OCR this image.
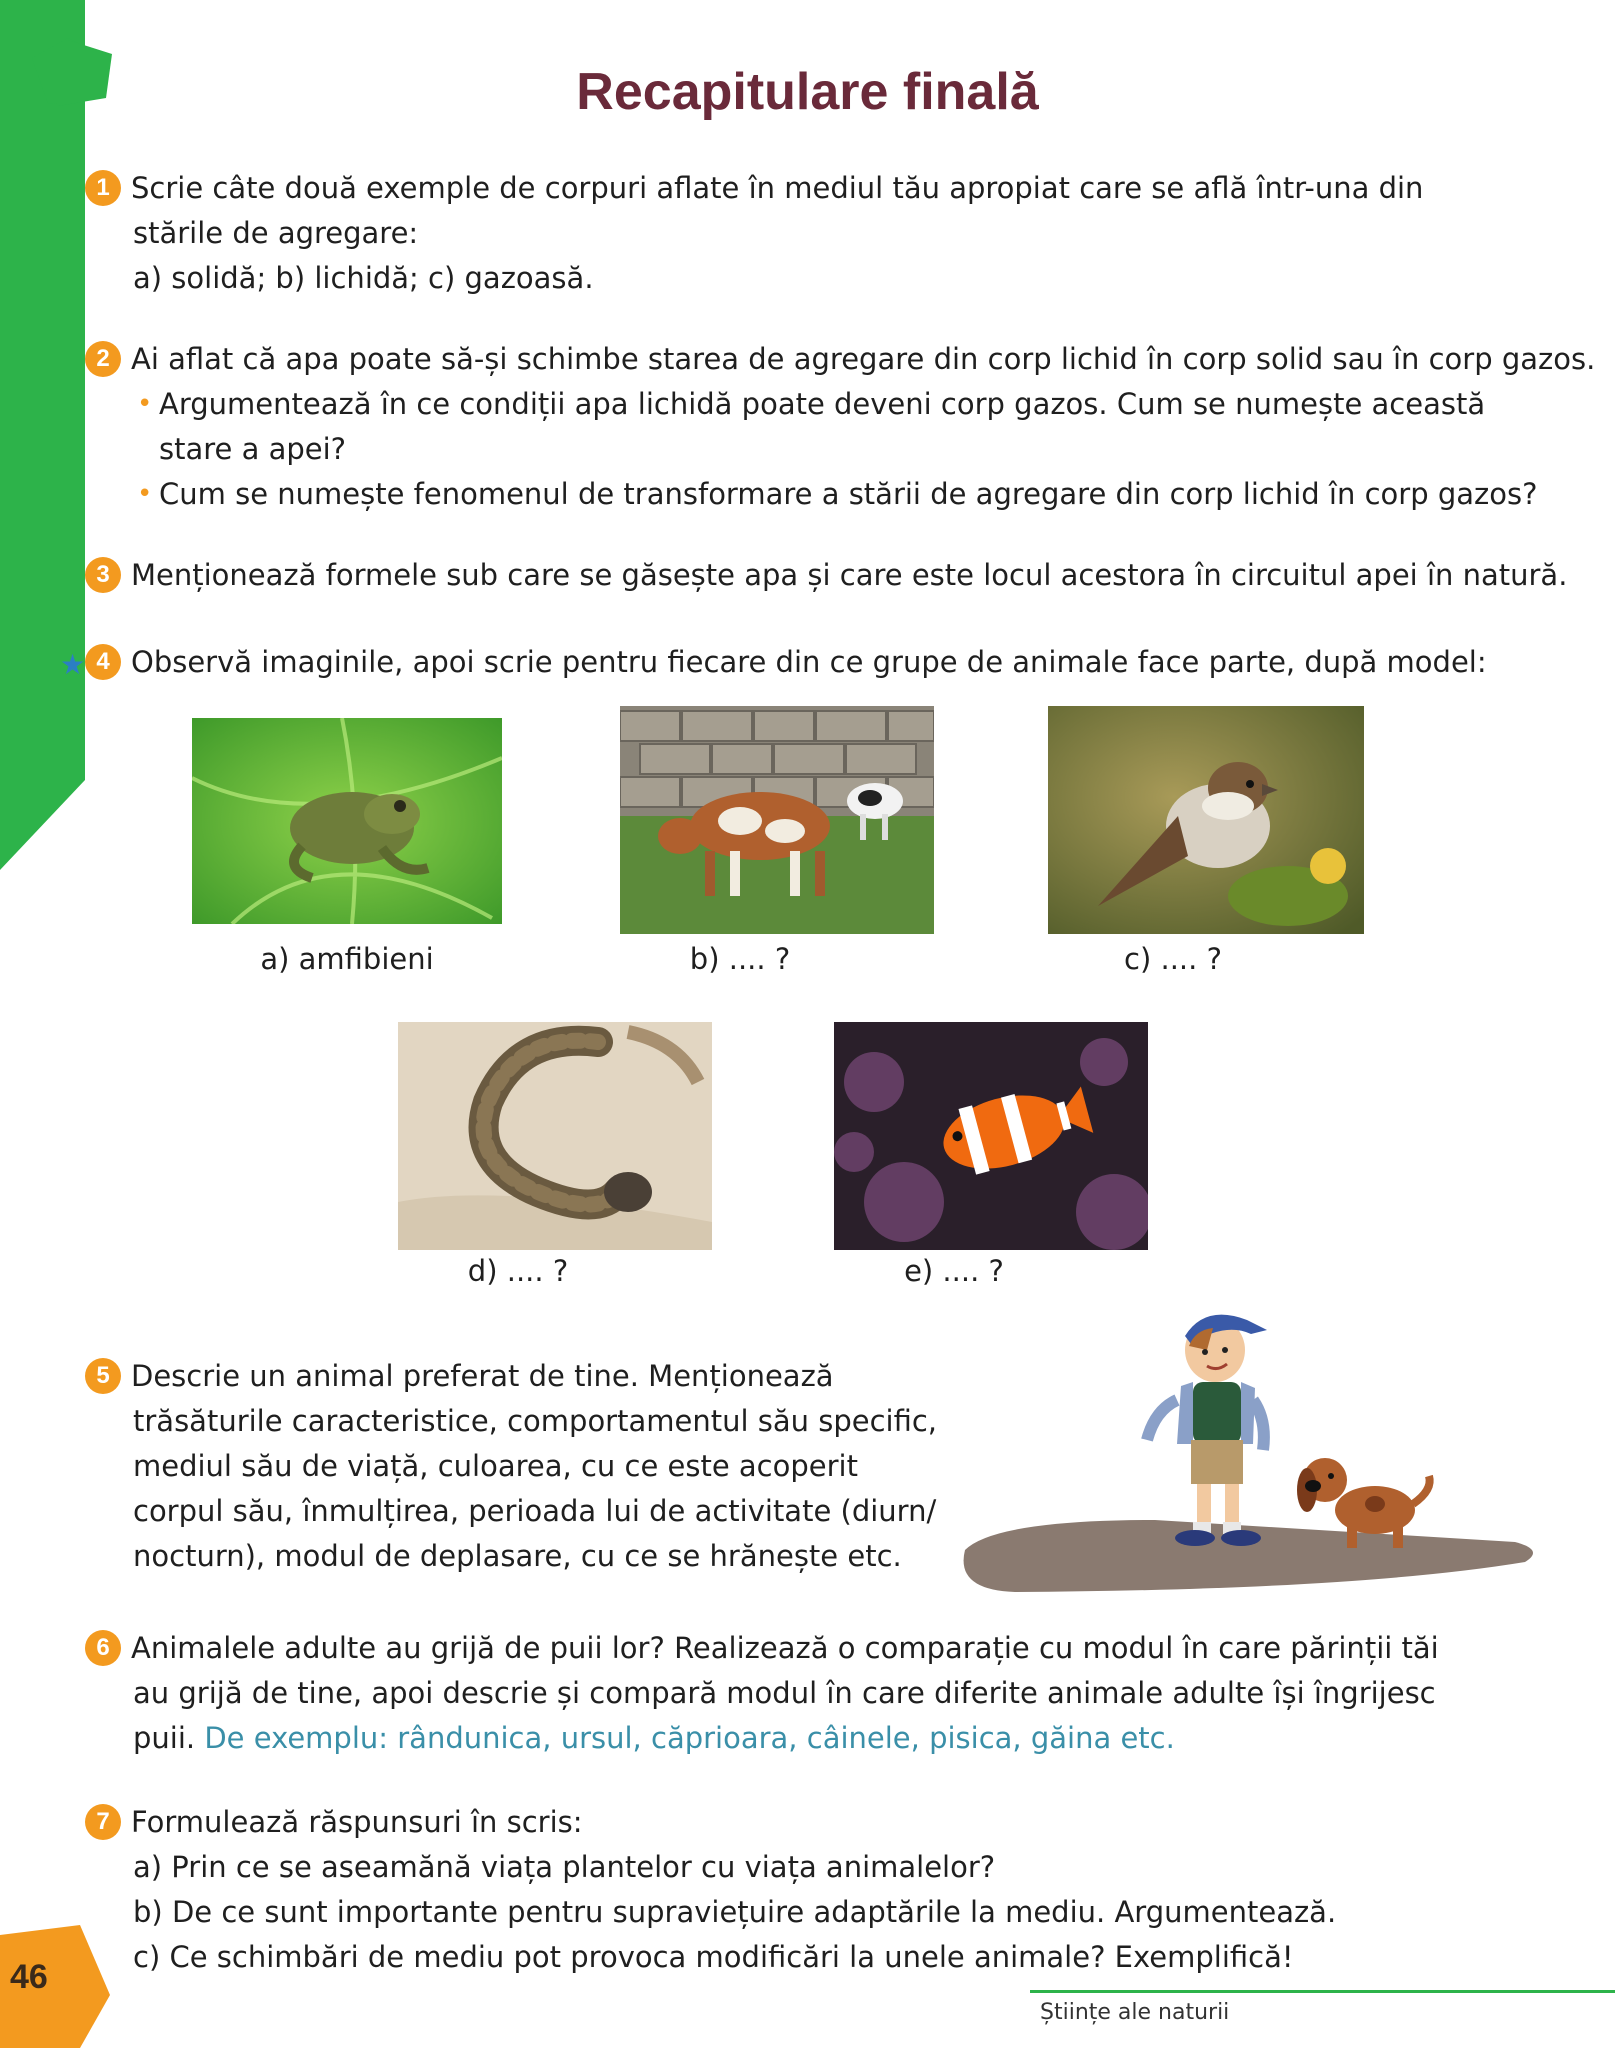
Recapitulare finală
1 Scrie câte două exemple de corpuri aflate în mediul tău apropiat care se află într-una din
stările de agregare:
a) solidă; b) lichidă; c) gazoasă.
2 Ai aflat că apa poate să-și schimbe starea de agregare din corp lichid în corp solid sau în corp gazos.
• Argumentează în ce condiții apa lichidă poate deveni corp gazos. Cum se numește această
stare a apei?
• Cum se numește fenomenul de transformare a stării de agregare din corp lichid în corp gazos?
3 Menționează formele sub care se găsește apa și care este locul acestora în circuitul apei în natură.
★ 4 Observă imaginile, apoi scrie pentru fiecare din ce grupe de animale face parte, după model:
a) amfibieni	b) .... ?	c) .... ?
d) .... ?	e) .... ?
5 Descrie un animal preferat de tine. Menționează
trăsăturile caracteristice, comportamentul său specific,
mediul său de viață, culoarea, cu ce este acoperit
corpul său, înmulțirea, perioada lui de activitate (diurn/
nocturn), modul de deplasare, cu ce se hrănește etc.
6 Animalele adulte au grijă de puii lor? Realizează o comparație cu modul în care părinții tăi
au grijă de tine, apoi descrie și compară modul în care diferite animale adulte își îngrijesc
puii. De exemplu: rândunica, ursul, căprioara, câinele, pisica, găina etc.
7 Formulează răspunsuri în scris:
a) Prin ce se aseamănă viața plantelor cu viața animalelor?
b) De ce sunt importante pentru supraviețuire adaptările la mediu. Argumentează.
c) Ce schimbări de mediu pot provoca modificări la unele animale? Exemplifică!
46
Științe ale naturii
